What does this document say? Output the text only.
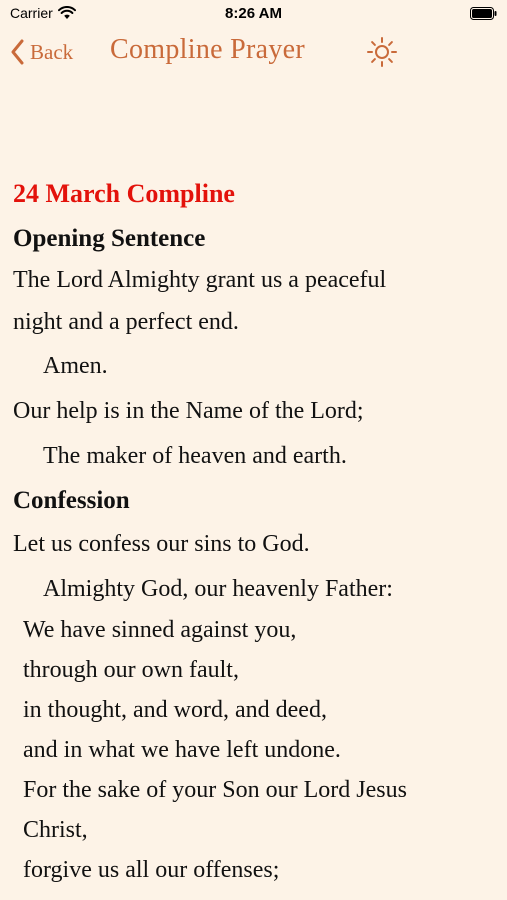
Carrier	8:26 AM
Back Compline Prayer
24 March Compline
Opening Sentence
The Lord Almighty grant us a peaceful
night and a perfect end.
Amen.
Our help is in the Name of the Lord;
The maker of heaven and earth.
Confession
Let us confess our sins to God.
Almighty God, our heavenly Father:
We have sinned against you,
through our own fault,
in thought, and word, and deed,
and in what we have left undone.
For the sake of your Son our Lord Jesus
Christ,
forgive us all our offenses;
